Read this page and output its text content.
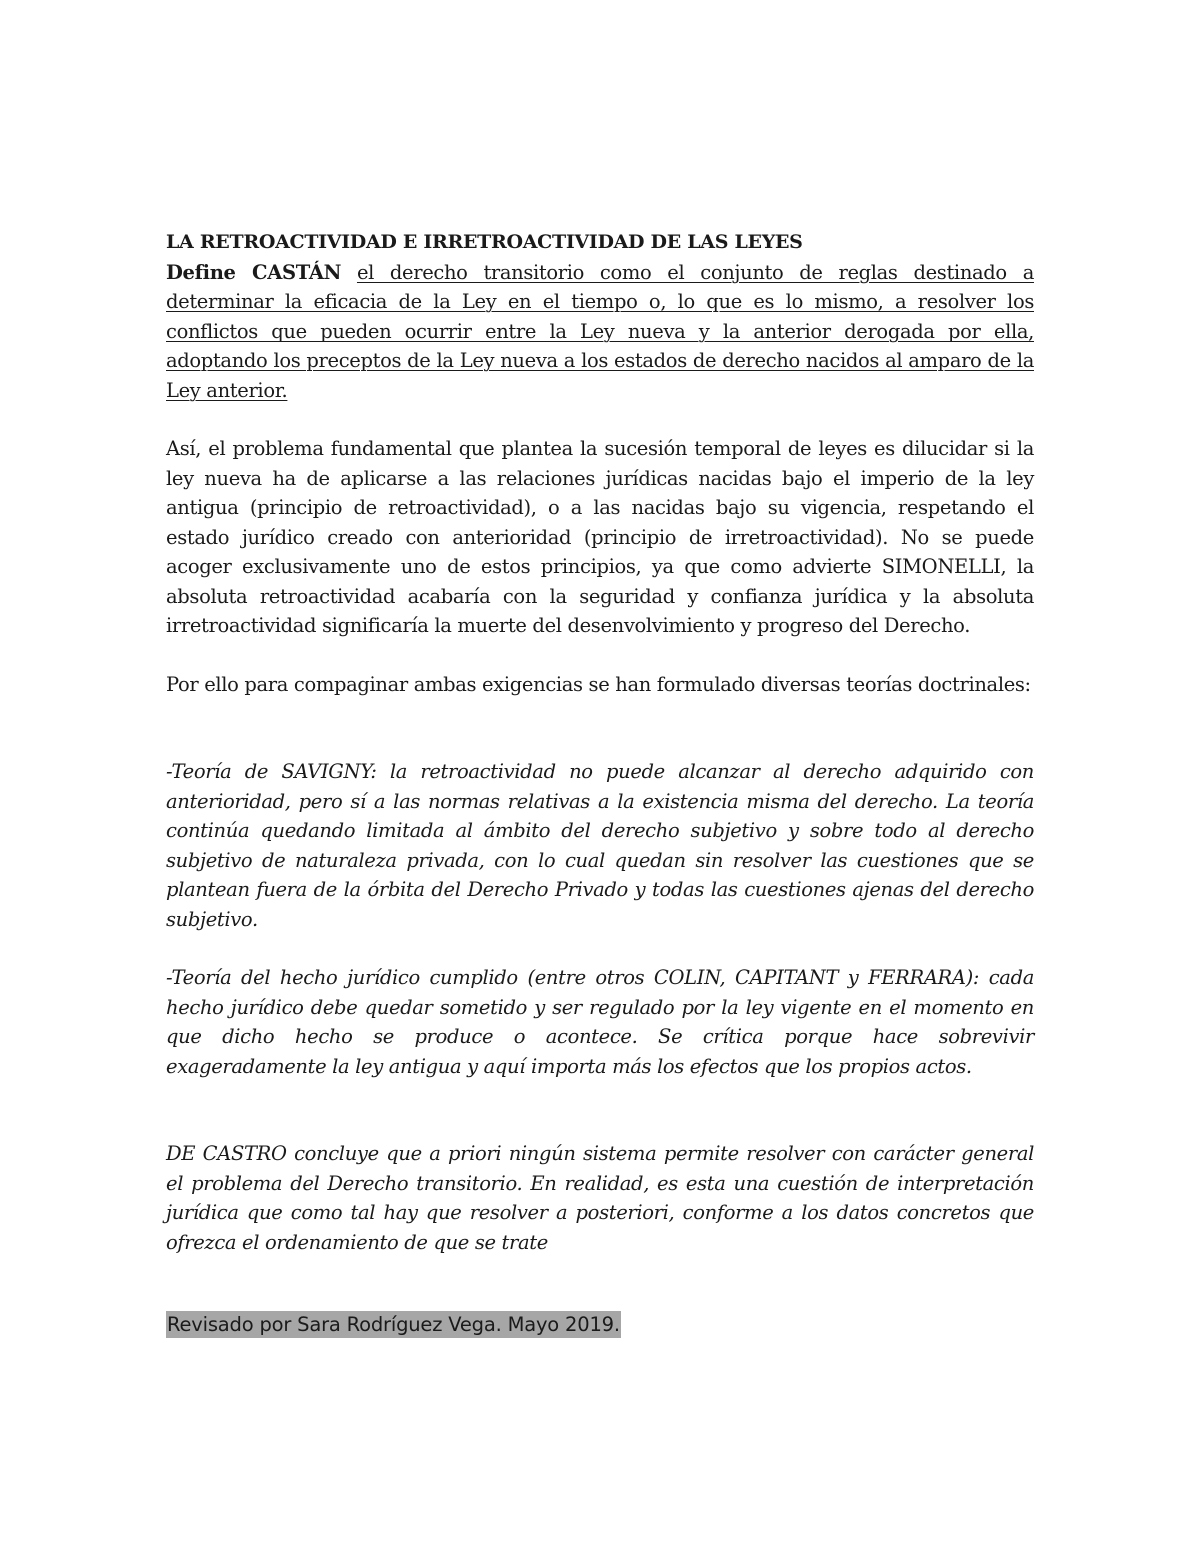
LA RETROACTIVIDAD E IRRETROACTIVIDAD DE LAS LEYES

Define CASTÁN el derecho transitorio como el conjunto de reglas destinado a determinar la eficacia de la Ley en el tiempo o, lo que es lo mismo, a resolver los conflictos que pueden ocurrir entre la Ley nueva y la anterior derogada por ella, adoptando los preceptos de la Ley nueva a los estados de derecho nacidos al amparo de la Ley anterior.

Así, el problema fundamental que plantea la sucesión temporal de leyes es dilucidar si la ley nueva ha de aplicarse a las relaciones jurídicas nacidas bajo el imperio de la ley antigua (principio de retroactividad), o a las nacidas bajo su vigencia, respetando el estado jurídico creado con anterioridad (principio de irretroactividad). No se puede acoger exclusivamente uno de estos principios, ya que como advierte SIMONELLI, la absoluta retroactividad acabaría con la seguridad y confianza jurídica y la absoluta irretroactividad significaría la muerte del desenvolvimiento y progreso del Derecho.

Por ello para compaginar ambas exigencias se han formulado diversas teorías doctrinales:

-Teoría de SAVIGNY: la retroactividad no puede alcanzar al derecho adquirido con anterioridad, pero sí a las normas relativas a la existencia misma del derecho. La teoría continúa quedando limitada al ámbito del derecho subjetivo y sobre todo al derecho subjetivo de naturaleza privada, con lo cual quedan sin resolver las cuestiones que se plantean fuera de la órbita del Derecho Privado y todas las cuestiones ajenas del derecho subjetivo.

-Teoría del hecho jurídico cumplido (entre otros COLIN, CAPITANT y FERRARA): cada hecho jurídico debe quedar sometido y ser regulado por la ley vigente en el momento en que dicho hecho se produce o acontece. Se crítica porque hace sobrevivir exageradamente la ley antigua y aquí importa más los efectos que los propios actos.

DE CASTRO concluye que a priori ningún sistema permite resolver con carácter general el problema del Derecho transitorio. En realidad, es esta una cuestión de interpretación jurídica que como tal hay que resolver a posteriori, conforme a los datos concretos que ofrezca el ordenamiento de que se trate

Revisado por Sara Rodríguez Vega. Mayo 2019.
